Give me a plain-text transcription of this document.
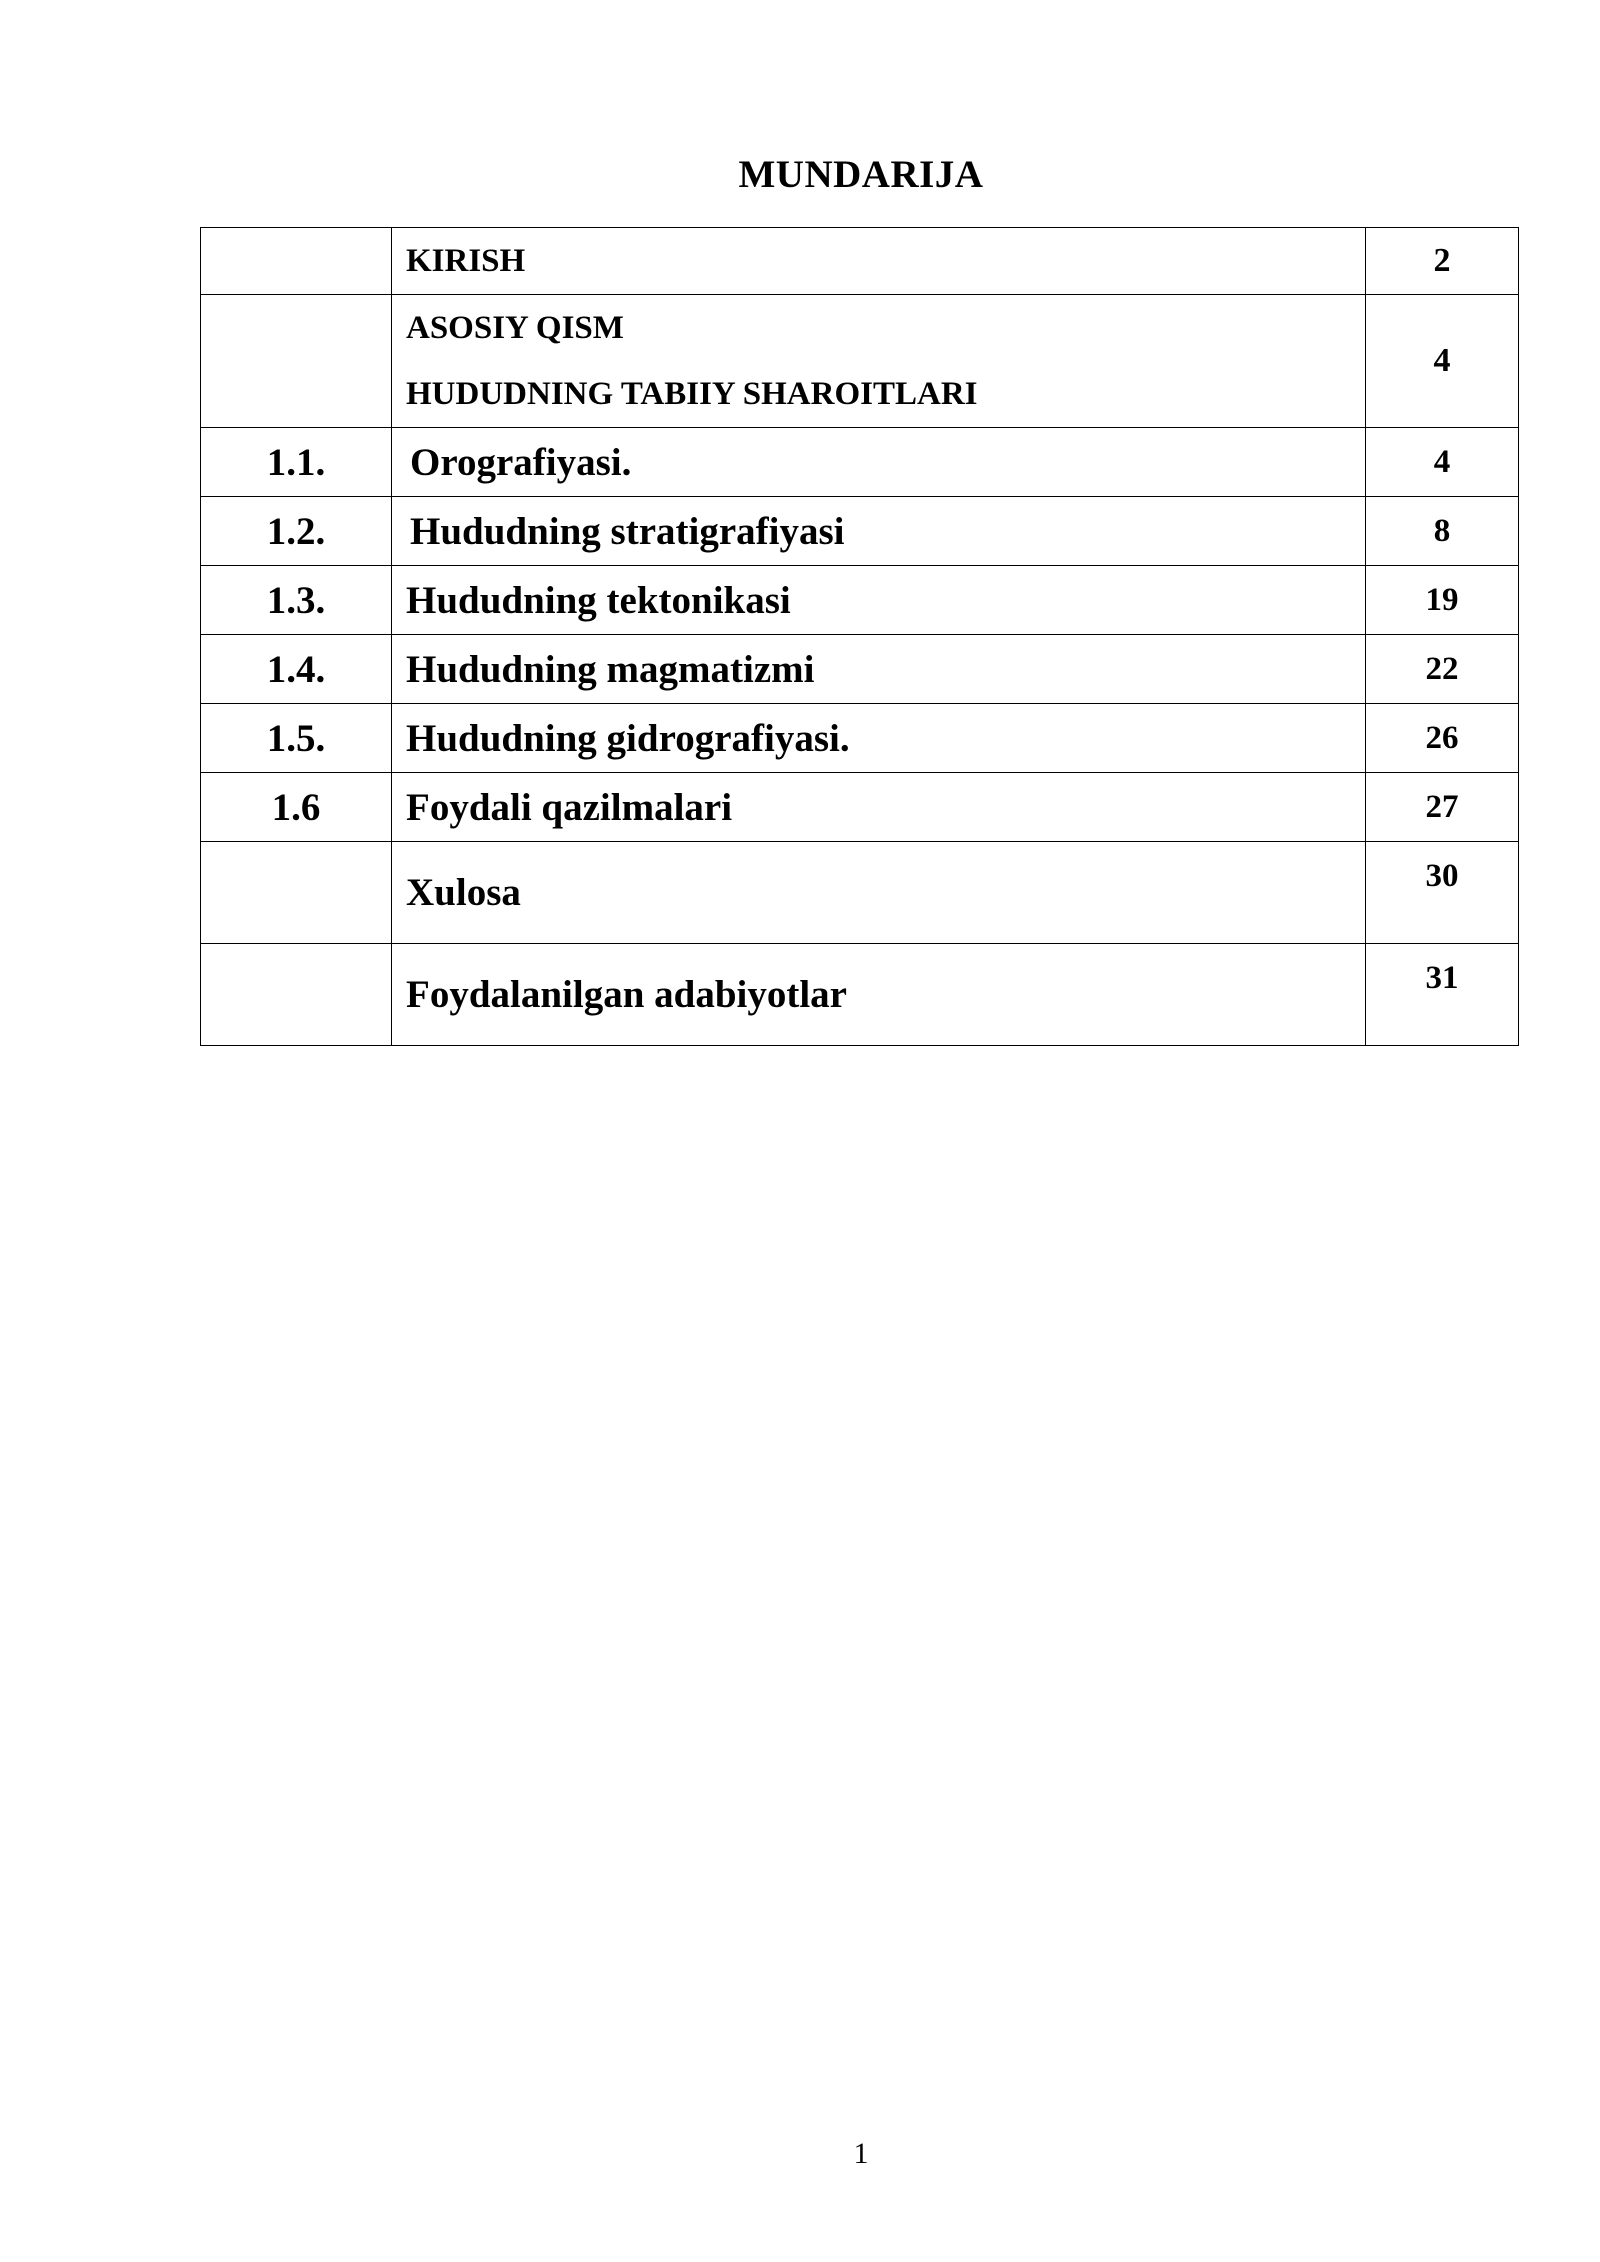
MUNDARIJA

	KIRISH	2

	ASOSIY QISM
HUDUDNING TABIIY SHAROITLARI	4
1.1.	Orografiyasi.	4
1.2.	Hududning stratigrafiyasi	8
1.3.	Hududning tektonikasi	19
1.4.	Hududning magmatizmi	22
1.5.	Hududning gidrografiyasi.	26
1.6	Foydali qazilmalari	27

	Xulosa	30

	Foydalanilgan adabiyotlar	31
1
